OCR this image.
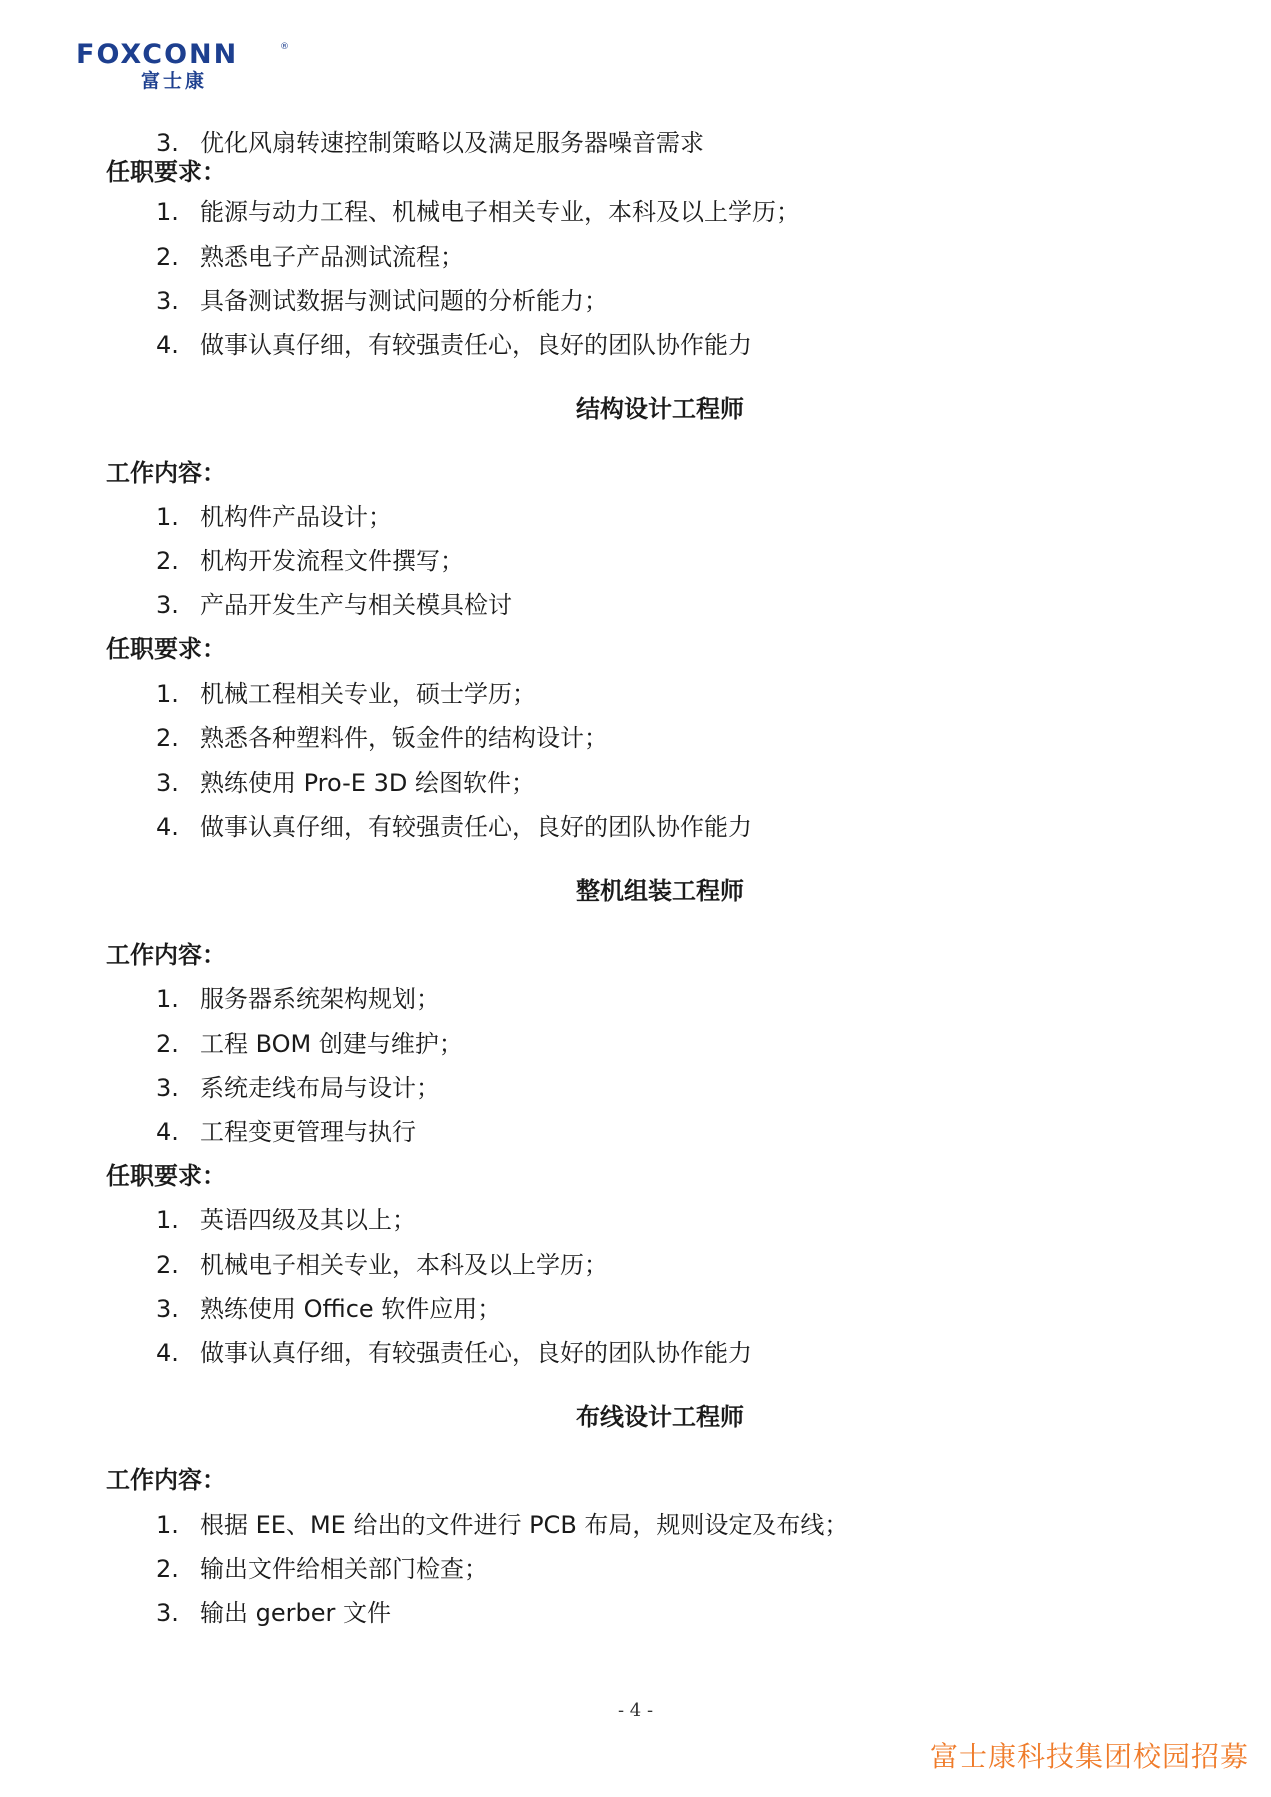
FOXCONN	®
富士康
3. 优化风扇转速控制策略以及满足服务器噪音需求
任职要求：
1. 能源与动力工程、机械电子相关专业，本科及以上学历；
2. 熟悉电子产品测试流程；
3. 具备测试数据与测试问题的分析能力；
4. 做事认真仔细，有较强责任心，良好的团队协作能力
结构设计工程师
工作内容：
1. 机构件产品设计；
2. 机构开发流程文件撰写；
3. 产品开发生产与相关模具检讨
任职要求：
1. 机械工程相关专业，硕士学历；
2. 熟悉各种塑料件，钣金件的结构设计；
3. 熟练使用 Pro-E 3D 绘图软件；
4. 做事认真仔细，有较强责任心，良好的团队协作能力
整机组装工程师
工作内容：
1. 服务器系统架构规划；
2. 工程 BOM 创建与维护；
3. 系统走线布局与设计；
4. 工程变更管理与执行
任职要求：
1. 英语四级及其以上；
2. 机械电子相关专业，本科及以上学历；
3. 熟练使用 Office 软件应用；
4. 做事认真仔细，有较强责任心，良好的团队协作能力
布线设计工程师
工作内容：
1. 根据 EE、ME 给出的文件进行 PCB 布局，规则设定及布线；
2. 输出文件给相关部门检查；
3. 输出 gerber 文件
- 4 -
富士康科技集团校园招募
